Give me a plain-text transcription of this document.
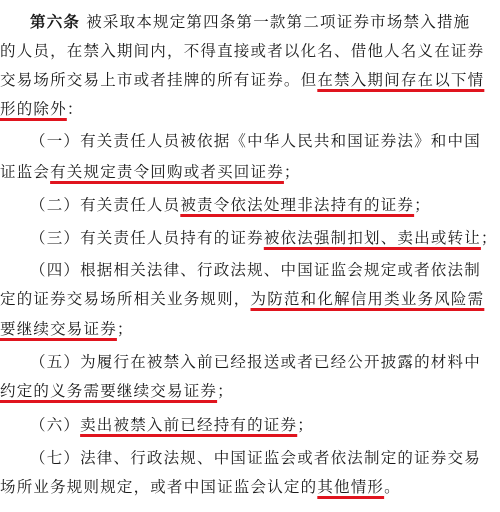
第六条 被采取本规定第四条第一款第二项证券市场禁入措施
的人员，在禁入期间内，不得直接或者以化名、借他人名义在证券
交易场所交易上市或者挂牌的所有证券。但在禁入期间存在以下情
形的除外：
（一）有关责任人员被依据《中华人民共和国证券法》和中国
证监会有关规定责令回购或者买回证券；
（二）有关责任人员被责令依法处理非法持有的证券；
（三）有关责任人员持有的证券被依法强制扣划、卖出或转让；
（四）根据相关法律、行政法规、中国证监会规定或者依法制
定的证券交易场所相关业务规则，为防范和化解信用类业务风险需
要继续交易证券；
（五）为履行在被禁入前已经报送或者已经公开披露的材料中
约定的义务需要继续交易证券；
（六）卖出被禁入前已经持有的证券；
（七）法律、行政法规、中国证监会或者依法制定的证券交易
场所业务规则规定，或者中国证监会认定的其他情形。
